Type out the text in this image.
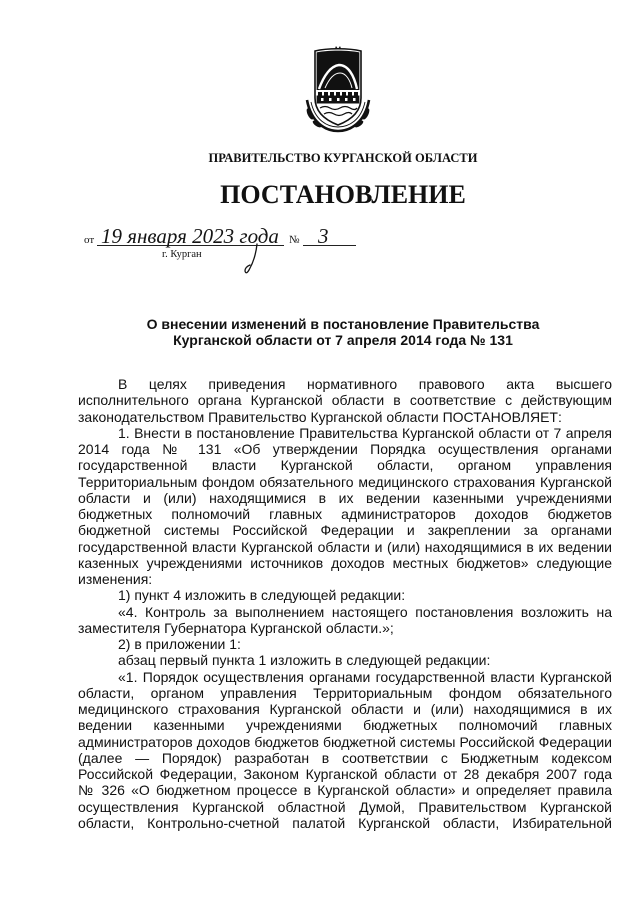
ПРАВИТЕЛЬСТВО КУРГАНСКОЙ ОБЛАСТИ
ПОСТАНОВЛЕНИЕ
от 19 января 2023 года № 3
г. Курган
О внесении изменений в постановление Правительства
Курганской области от 7 апреля 2014 года № 131
В целях приведения нормативного правового акта высшего
исполнительного органа Курганской области в соответствие с действующим
законодательством Правительство Курганской области ПОСТАНОВЛЯЕТ:
1. Внести в постановление Правительства Курганской области от 7 апреля
2014 года № 131 «Об утверждении Порядка осуществления органами
государственной власти Курганской области, органом управления
Территориальным фондом обязательного медицинского страхования Курганской
области и (или) находящимися в их ведении казенными учреждениями
бюджетных полномочий главных администраторов доходов бюджетов
бюджетной системы Российской Федерации и закреплении за органами
государственной власти Курганской области и (или) находящимися в их ведении
казенных учреждениями источников доходов местных бюджетов» следующие
изменения:
1) пункт 4 изложить в следующей редакции:
«4. Контроль за выполнением настоящего постановления возложить на
заместителя Губернатора Курганской области.»;
2) в приложении 1:
абзац первый пункта 1 изложить в следующей редакции:
«1. Порядок осуществления органами государственной власти Курганской
области, органом управления Территориальным фондом обязательного
медицинского страхования Курганской области и (или) находящимися в их
ведении казенными учреждениями бюджетных полномочий главных
администраторов доходов бюджетов бюджетной системы Российской Федерации
(далее — Порядок) разработан в соответствии с Бюджетным кодексом
Российской Федерации, Законом Курганской области от 28 декабря 2007 года
№ 326 «О бюджетном процессе в Курганской области» и определяет правила
осуществления Курганской областной Думой, Правительством Курганской
области, Контрольно-счетной палатой Курганской области, Избирательной
